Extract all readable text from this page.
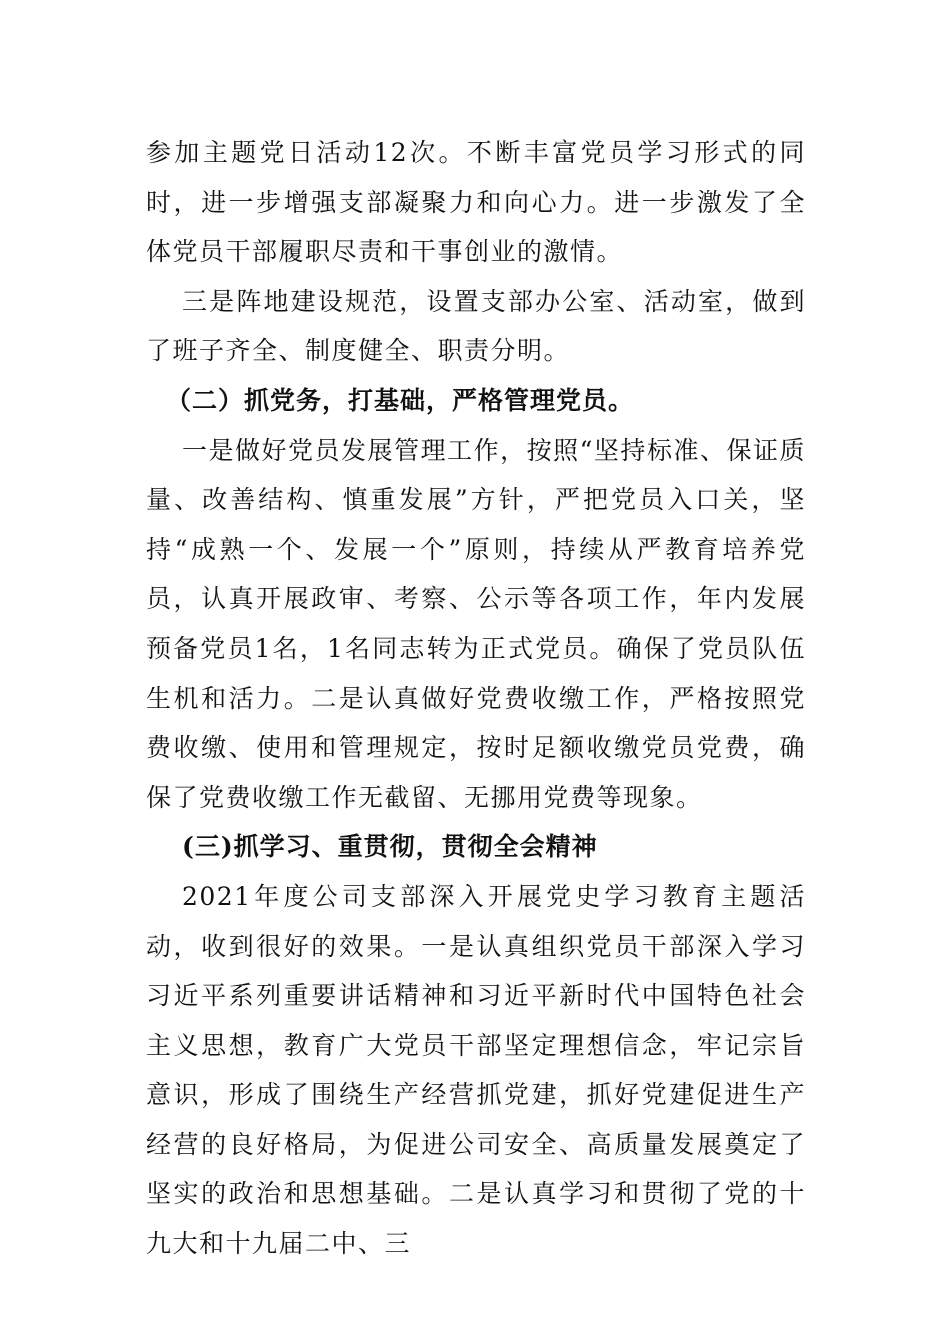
参加主题党日活动12次。不断丰富党员学习形式的同时，进一步增强支部凝聚力和向心力。进一步激发了全体党员干部履职尽责和干事创业的激情。

三是阵地建设规范，设置支部办公室、活动室，做到了班子齐全、制度健全、职责分明。

（二）抓党务，打基础，严格管理党员。

一是做好党员发展管理工作，按照“坚持标准、保证质量、改善结构、慎重发展”方针，严把党员入口关，坚持“成熟一个、发展一个”原则，持续从严教育培养党员，认真开展政审、考察、公示等各项工作，年内发展预备党员1名，1名同志转为正式党员。确保了党员队伍生机和活力。二是认真做好党费收缴工作，严格按照党费收缴、使用和管理规定，按时足额收缴党员党费，确保了党费收缴工作无截留、无挪用党费等现象。

(三)抓学习、重贯彻，贯彻全会精神

2021年度公司支部深入开展党史学习教育主题活动，收到很好的效果。一是认真组织党员干部深入学习习近平系列重要讲话精神和习近平新时代中国特色社会主义思想，教育广大党员干部坚定理想信念，牢记宗旨意识，形成了围绕生产经营抓党建，抓好党建促进生产经营的良好格局，为促进公司安全、高质量发展奠定了坚实的政治和思想基础。二是认真学习和贯彻了党的十九大和十九届二中、三
